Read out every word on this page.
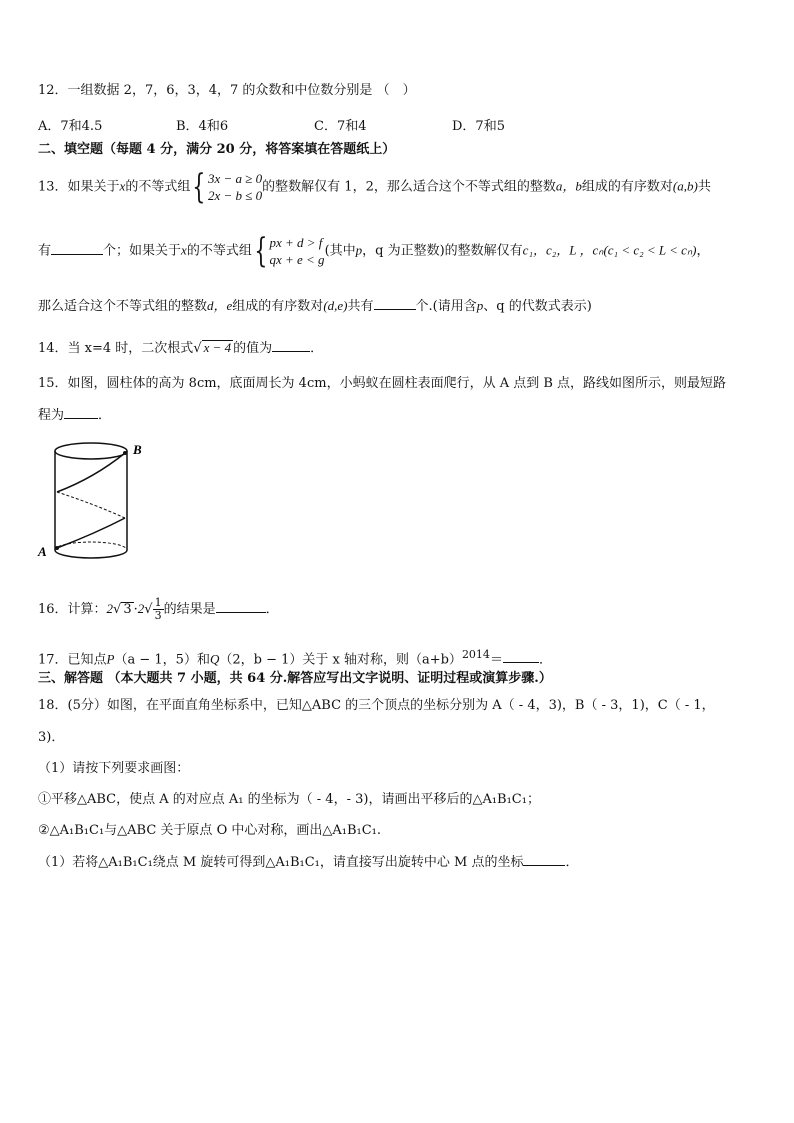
12．一组数据 2，7，6，3，4，7 的众数和中位数分别是 （　）
A．7和4.5	B．4和6	C．7和4	D．7和5
二、填空题（每题 4 分，满分 20 分，将答案填在答题纸上）
13．如果关于x的不等式组{ 3x − a ≥ 0
2x − b ≤ 0
的整数解仅有 1，2，那么适合这个不等式组的整数a，b组成的有序数对(a,b)共
有	个；如果关于x的不等式组{ px + d > f
qx + e < g
(其中p，q 为正整数)的整数解仅有c₁，c₂，L ，cₙ(c₁ < c₂ < L < cₙ)，
那么适合这个不等式组的整数d，e组成的有序数对(d,e)共有	个.(请用含p、q 的代数式表示)
14．当 x=4 时，二次根式√ x − 4 的值为	．
15．如图，圆柱体的高为 8cm，底面周长为 4cm，小蚂蚁在圆柱表面爬行，从 A 点到 B 点，路线如图所示，则最短路
程为	．
A
B
16．计算：2√ $3 \cdot 2√ \frac{1}{3}$ 的结果是	．
17．已知点P（a − 1，5）和Q（2，b − 1）关于 x 轴对称，则$(a+b)^{2014}=$	．
三、解答题 （本大题共 7 小题，共 64 分.解答应写出文字说明、证明过程或演算步骤.）
18．(5分）如图，在平面直角坐标系中，已知△ABC 的三个顶点的坐标分别为 A（ - 4，3)，B（ - 3，1)，C（ - 1，
3)．
（1）请按下列要求画图：
①平移△ABC，使点 A 的对应点 A₁ 的坐标为（ - 4，- 3)，请画出平移后的△A₁B₁C₁；
②△A₁B₁C₁与△ABC 关于原点 O 中心对称，画出△A₁B₁C₁.
（1）若将△A₁B₁C₁绕点 M 旋转可得到△A₁B₁C₁，请直接写出旋转中心 M 点的坐标	．
